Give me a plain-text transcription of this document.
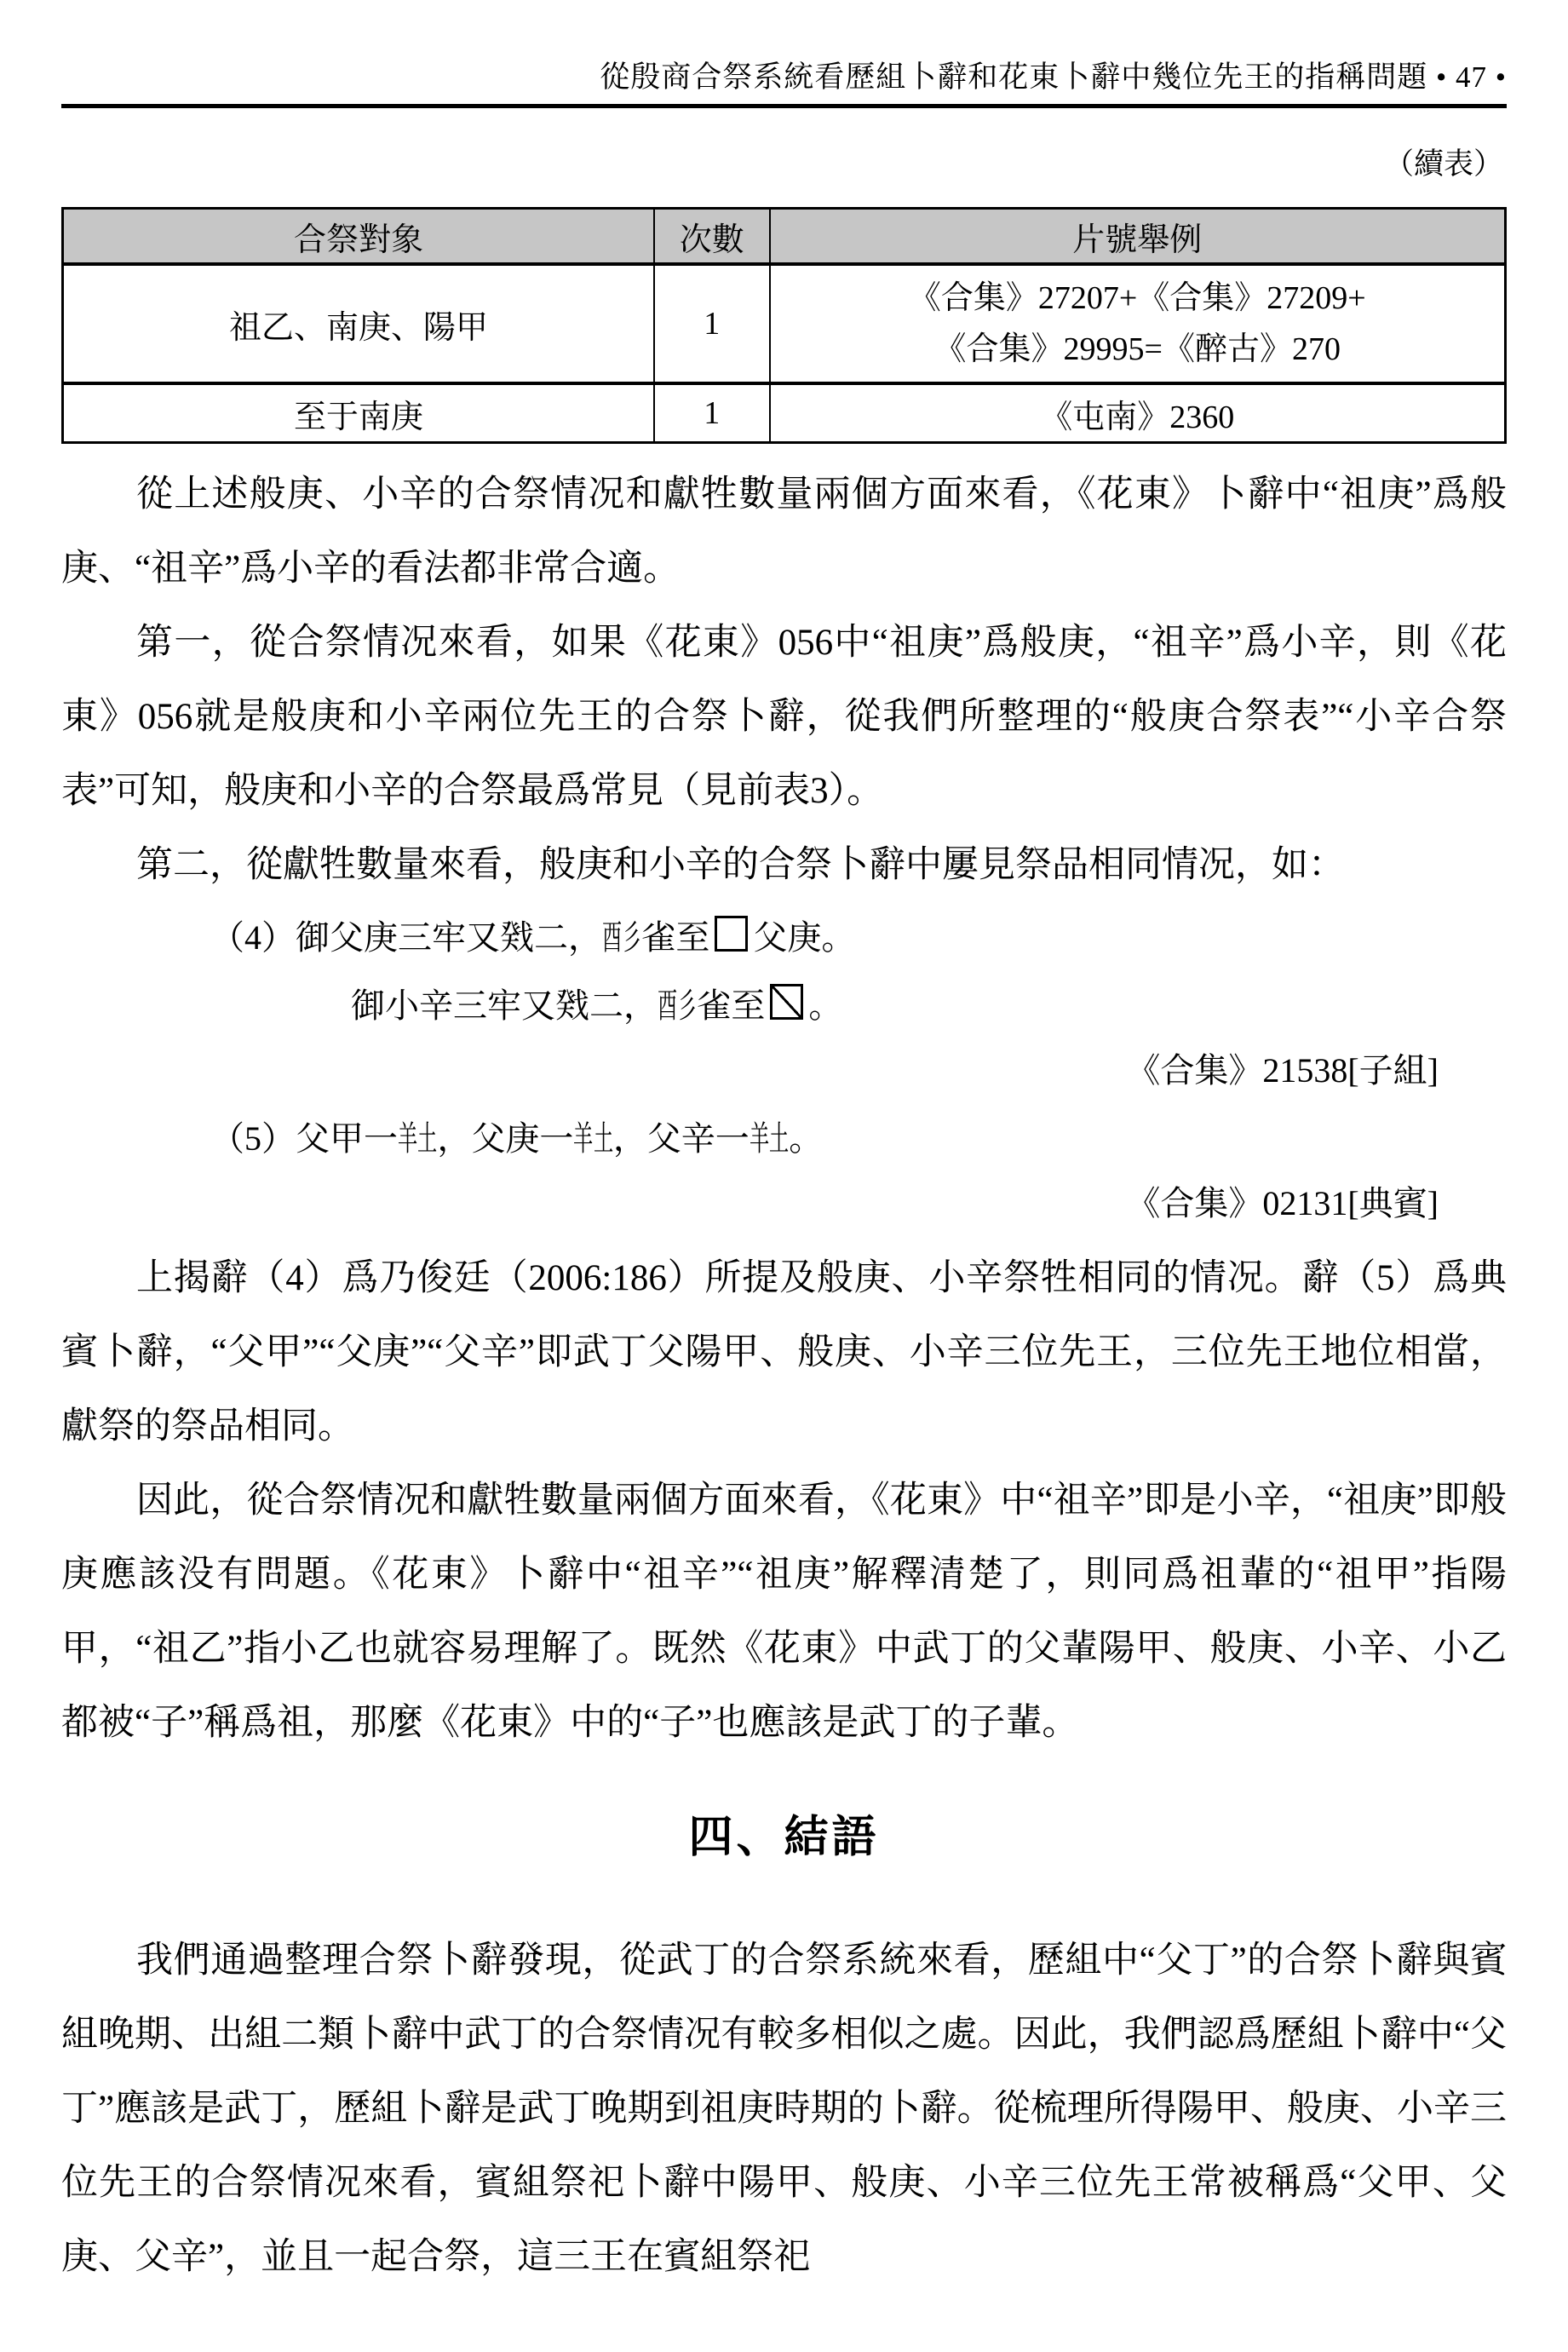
從殷商合祭系統看歷組卜辭和花東卜辭中幾位先王的指稱問題
• 47 •
（續表）
合祭對象	次數	片號舉例
祖乙、南庚、陽甲	1	《合集》27207+《合集》27209+
《合集》29995=《醉古》270

至于南庚	1	《屯南》2360

從上述般庚、小辛的合祭情况和獻牲數量兩個方面來看，《花東》卜辭中“祖庚”爲般庚、“祖辛”爲小辛的看法都非常合適。

第一，從合祭情况來看，如果《花東》056中“祖庚”爲般庚，“祖辛”爲小辛，則《花東》056就是般庚和小辛兩位先王的合祭卜辭，從我們所整理的“般庚合祭表”“小辛合祭表”可知，般庚和小辛的合祭最爲常見（見前表3）。

第二，從獻牲數量來看，般庚和小辛的合祭卜辭中屢見祭品相同情况，如：

（4）御父庚三牢又戣二，酉彡雀至 父庚。
御小辛三牢又戣二，酉彡雀至 。
《合集》21538[子組]
（5）父甲一羊土，父庚一羊土，父辛一羊土。
《合集》02131[典賓]

上揭辭（4）爲乃俊廷（2006:186）所提及般庚、小辛祭牲相同的情况。辭（5）爲典賓卜辭，“父甲”“父庚”“父辛”即武丁父陽甲、般庚、小辛三位先王，三位先王地位相當，獻祭的祭品相同。

因此，從合祭情况和獻牲數量兩個方面來看，《花東》中“祖辛”即是小辛，“祖庚”即般庚應該没有問題。《花東》卜辭中“祖辛”“祖庚”解釋清楚了，則同爲祖輩的“祖甲”指陽甲，“祖乙”指小乙也就容易理解了。既然《花東》中武丁的父輩陽甲、般庚、小辛、小乙都被“子”稱爲祖，那麼《花東》中的“子”也應該是武丁的子輩。

四、結語

我們通過整理合祭卜辭發現，從武丁的合祭系統來看，歷組中“父丁”的合祭卜辭與賓組晚期、出組二類卜辭中武丁的合祭情况有較多相似之處。因此，我們認爲歷組卜辭中“父丁”應該是武丁，歷組卜辭是武丁晚期到祖庚時期的卜辭。從梳理所得陽甲、般庚、小辛三位先王的合祭情况來看，賓組祭祀卜辭中陽甲、般庚、小辛三位先王常被稱爲“父甲、父庚、父辛”，並且一起合祭，這三王在賓組祭祀
